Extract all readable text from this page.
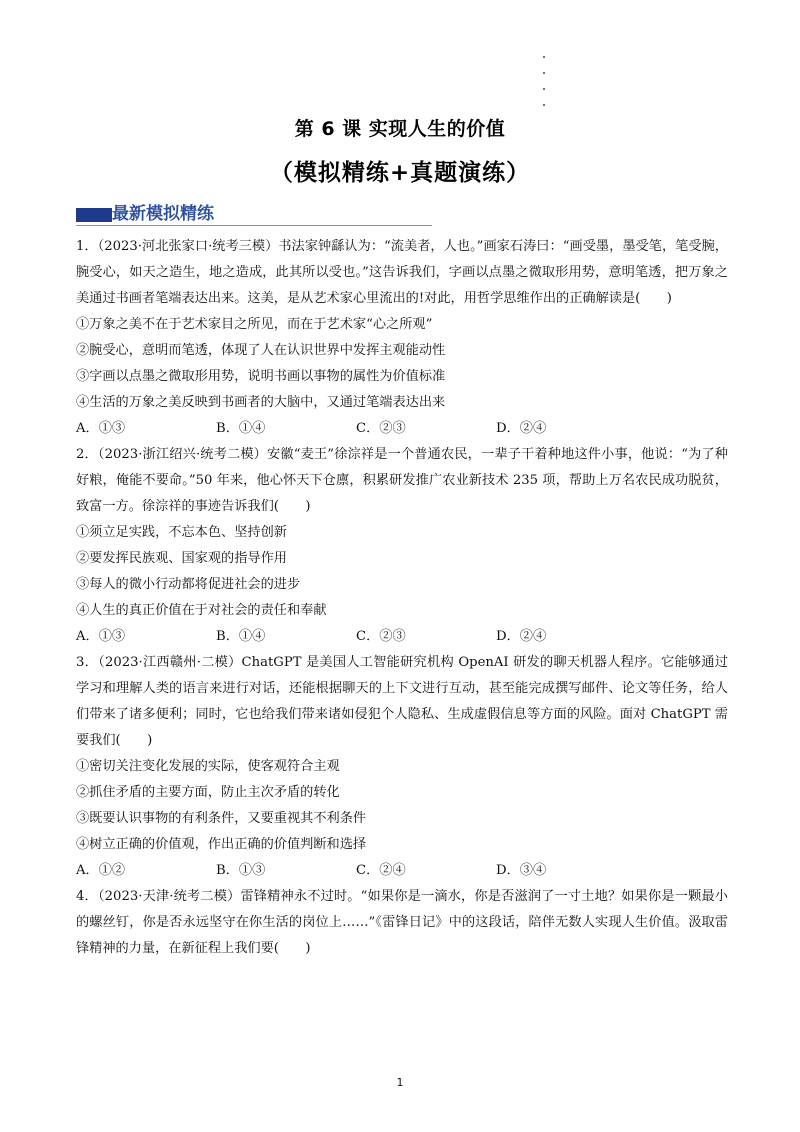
第 6 课 实现人生的价值
（模拟精练+真题演练）
最新模拟精练

1．（2023·河北张家口·统考三模）书法家钟繇认为：“流美者，人也。”画家石涛曰：“画受墨，墨受笔，笔受腕，腕受心，如天之造生，地之造成，此其所以受也。”这告诉我们，字画以点墨之微取形用势，意明笔透，把万象之美通过书画者笔端表达出来。这美，是从艺术家心里流出的!对此，用哲学思维作出的正确解读是(　　)

①万象之美不在于艺术家目之所见，而在于艺术家“心之所观”

②腕受心，意明而笔透，体现了人在认识世界中发挥主观能动性

③字画以点墨之微取形用势，说明书画以事物的属性为价值标准

④生活的万象之美反映到书画者的大脑中，又通过笔端表达出来

A．①③	B．①④	C．②③	D．②④

2．（2023·浙江绍兴·统考二模）安徽“麦王”徐淙祥是一个普通农民，一辈子干着种地这件小事，他说：“为了种好粮，俺能不要命。”50 年来，他心怀天下仓廪，积累研发推广农业新技术 235 项，帮助上万名农民成功脱贫，致富一方。徐淙祥的事迹告诉我们(　　)

①须立足实践，不忘本色、坚持创新

②要发挥民族观、国家观的指导作用

③每人的微小行动都将促进社会的进步

④人生的真正价值在于对社会的责任和奉献

A．①③	B．①④	C．②③	D．②④

3．（2023·江西赣州·二模）ChatGPT 是美国人工智能研究机构 OpenAI 研发的聊天机器人程序。它能够通过学习和理解人类的语言来进行对话，还能根据聊天的上下文进行互动，甚至能完成撰写邮件、论文等任务，给人们带来了诸多便利；同时，它也给我们带来诸如侵犯个人隐私、生成虚假信息等方面的风险。面对 ChatGPT 需要我们(　　)

①密切关注变化发展的实际，使客观符合主观

②抓住矛盾的主要方面，防止主次矛盾的转化

③既要认识事物的有利条件，又要重视其不利条件

④树立正确的价值观，作出正确的价值判断和选择

A．①②	B．①③	C．②④	D．③④

4．（2023·天津·统考二模）雷锋精神永不过时。“如果你是一滴水，你是否滋润了一寸土地？如果你是一颗最小的螺丝钉，你是否永远坚守在你生活的岗位上……”《雷锋日记》中的这段话，陪伴无数人实现人生价值。汲取雷锋精神的力量，在新征程上我们要(　　)

1
